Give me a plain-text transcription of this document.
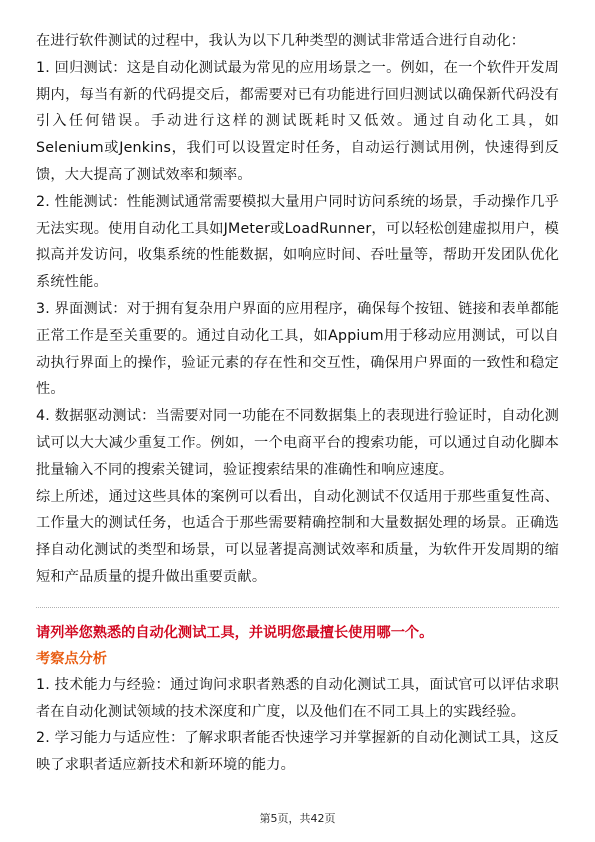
在进行软件测试的过程中，我认为以下几种类型的测试非常适合进行自动化：

1. 回归测试：这是自动化测试最为常见的应用场景之一。例如，在一个软件开发周期内，每当有新的代码提交后，都需要对已有功能进行回归测试以确保新代码没有引入任何错误。手动进行这样的测试既耗时又低效。通过自动化工具，如Selenium或Jenkins，我们可以设置定时任务，自动运行测试用例，快速得到反馈，大大提高了测试效率和频率。

2. 性能测试：性能测试通常需要模拟大量用户同时访问系统的场景，手动操作几乎无法实现。使用自动化工具如JMeter或LoadRunner，可以轻松创建虚拟用户，模拟高并发访问，收集系统的性能数据，如响应时间、吞吐量等，帮助开发团队优化系统性能。

3. 界面测试：对于拥有复杂用户界面的应用程序，确保每个按钮、链接和表单都能正常工作是至关重要的。通过自动化工具，如Appium用于移动应用测试，可以自动执行界面上的操作，验证元素的存在性和交互性，确保用户界面的一致性和稳定性。

4. 数据驱动测试：当需要对同一功能在不同数据集上的表现进行验证时，自动化测试可以大大减少重复工作。例如，一个电商平台的搜索功能，可以通过自动化脚本批量输入不同的搜索关键词，验证搜索结果的准确性和响应速度。

综上所述，通过这些具体的案例可以看出，自动化测试不仅适用于那些重复性高、工作量大的测试任务，也适合于那些需要精确控制和大量数据处理的场景。正确选择自动化测试的类型和场景，可以显著提高测试效率和质量，为软件开发周期的缩短和产品质量的提升做出重要贡献。

请列举您熟悉的自动化测试工具，并说明您最擅长使用哪一个。

考察点分析

1. 技术能力与经验：通过询问求职者熟悉的自动化测试工具，面试官可以评估求职者在自动化测试领域的技术深度和广度，以及他们在不同工具上的实践经验。

2. 学习能力与适应性：了解求职者能否快速学习并掌握新的自动化测试工具，这反映了求职者适应新技术和新环境的能力。

第5页，共42页
